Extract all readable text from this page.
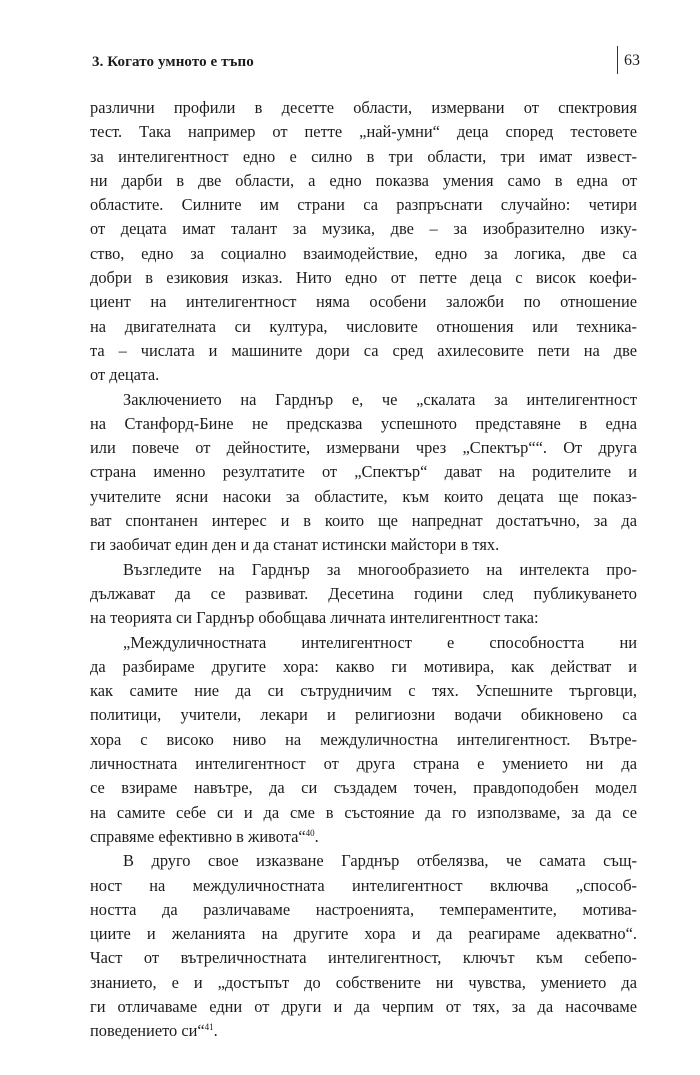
3. Когато умното е тъпо	63
различни профили в десетте области, измервани от спектровия
тест. Така например от петте „най-умни“ деца според тестовете
за интелигентност едно е силно в три области, три имат извест-
ни дарби в две области, а едно показва умения само в една от
областите. Силните им страни са разпръснати случайно: четири
от децата имат талант за музика, две – за изобразително изку-
ство, едно за социално взаимодействие, едно за логика, две са
добри в езиковия изказ. Нито едно от петте деца с висок коефи-
циент на интелигентност няма особени заложби по отношение
на двигателната си култура, числовите отношения или техника-
та – числата и машините дори са сред ахилесовите пети на две
от децата.
Заключението на Гарднър е, че „скалата за интелигентност
на Станфорд-Бине не предсказва успешното представяне в една
или повече от дейностите, измервани чрез „Спектър““. От друга
страна именно резултатите от „Спектър“ дават на родителите и
учителите ясни насоки за областите, към които децата ще показ-
ват спонтанен интерес и в които ще напреднат достатъчно, за да
ги заобичат един ден и да станат истински майстори в тях.
Възгледите на Гарднър за многообразието на интелекта про-
дължават да се развиват. Десетина години след публикуването
на теорията си Гарднър обобщава личната интелигентност така:
„Междуличностната интелигентност е способността ни
да разбираме другите хора: какво ги мотивира, как действат и
как самите ние да си сътрудничим с тях. Успешните търговци,
политици, учители, лекари и религиозни водачи обикновено са
хора с високо ниво на междуличностна интелигентност. Вътре-
личностната интелигентност от друга страна е умението ни да
се взираме навътре, да си създадем точен, правдоподобен модел
на самите себе си и да сме в състояние да го използваме, за да се
справяме ефективно в живота“$^{40}$.
В друго свое изказване Гарднър отбелязва, че самата същ-
ност на междуличностната интелигентност включва „способ-
ността да различаваме настроенията, темпераментите, мотива-
циите и желанията на другите хора и да реагираме адекватно“.
Част от вътреличностната интелигентност, ключът към себепо-
знанието, е и „достъпът до собствените ни чувства, умението да
ги отличаваме едни от други и да черпим от тях, за да насочваме
поведението си“$^{41}$.
